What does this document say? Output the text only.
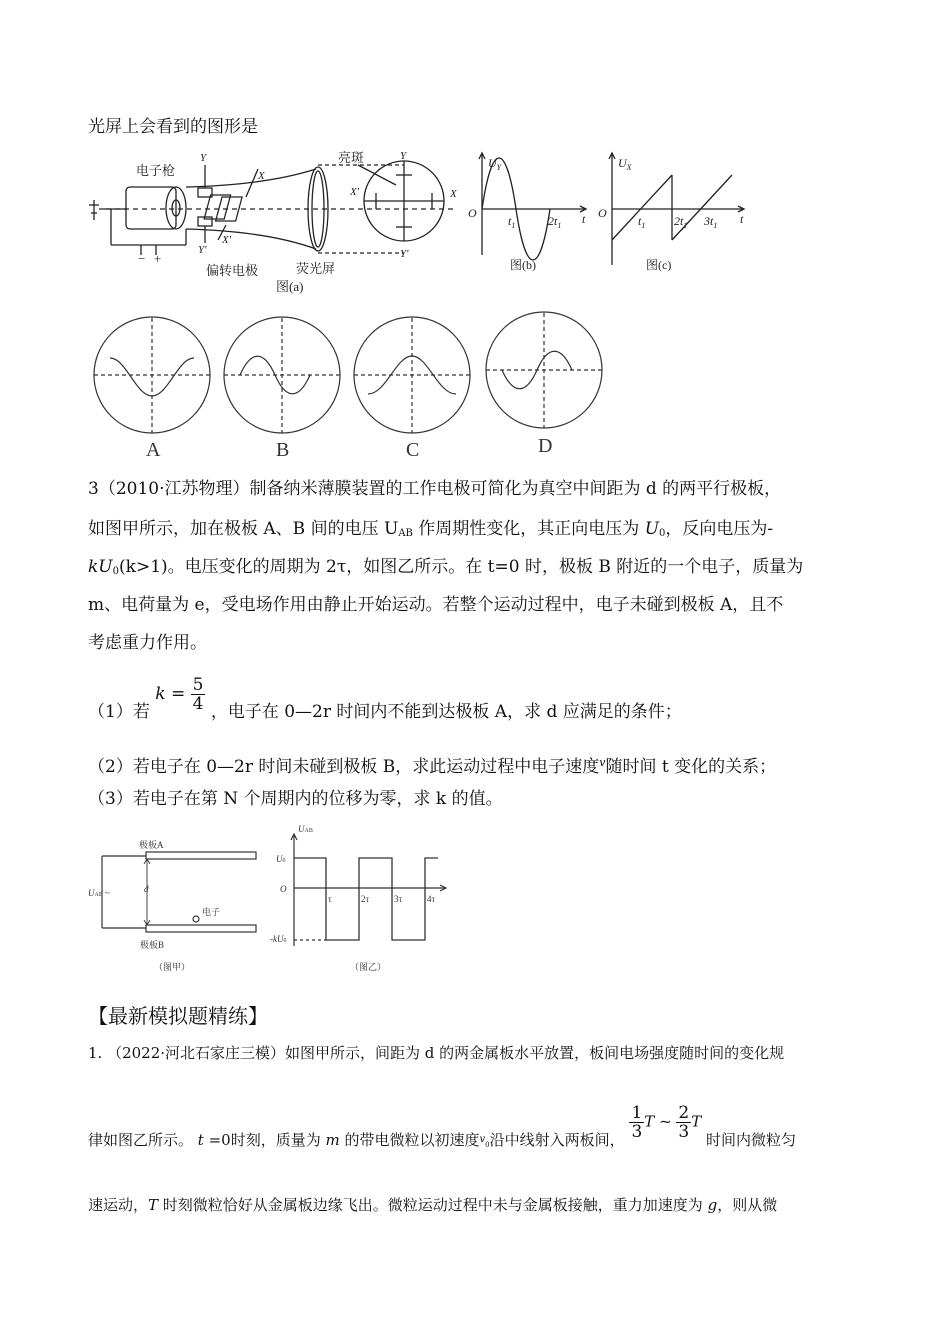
光屏上会看到的图形是
电子枪
偏转电极	荧光屏
亮斑
Y
Y'
X
X'
X'	X
Y
Y'
− +
图(a)
$U_Y$
O
$t_1$	$2t_1$ t
图(b)
$U_X$
O
$t_1$ $2t_1$ $3t_1$ t
图(c)
A	B	C	D
3（2010·江苏物理）制备纳米薄膜装置的工作电极可简化为真空中间距为 d 的两平行极板，
如图甲所示，加在极板 A、B 间的电压 $U_{AB}$ 作周期性变化，其正向电压为 $U_0$，反向电压为-
$kU_0(k>1)$。电压变化的周期为 2τ，如图乙所示。在 t=0 时，极板 B 附近的一个电子，质量为
m、电荷量为 e，受电场作用由静止开始运动。若整个运动过程中，电子未碰到极板 A，且不
考虑重力作用。
（1）若 $k = \frac{5}{4}$ ，电子在 0—2r 时间内不能到达极板 A，求 d 应满足的条件；
（2）若电子在 0—2r 时间未碰到极板 B，求此运动过程中电子速度$^v$随时间 t 变化的关系；
（3）若电子在第 N 个周期内的位移为零，求 k 的值。
极板A
极板B
d
UAB ~
电子
（图甲）
UAB
U0
O
-kU0
τ	2τ	3τ	4τ
（图乙）
【最新模拟题精练】
1. （2022·河北石家庄三模）如图甲所示，间距为 d 的两金属板水平放置，板间电场强度随时间的变化规
律如图乙所示。 t =0时刻，质量为 m 的带电微粒以初速度$^v_0$沿中线射入两板间， $\frac{1}{3}$ T ~ $\frac{2}{3}$ T 时间内微粒匀
速运动，T 时刻微粒恰好从金属板边缘飞出。微粒运动过程中未与金属板接触，重力加速度为 g，则从微
